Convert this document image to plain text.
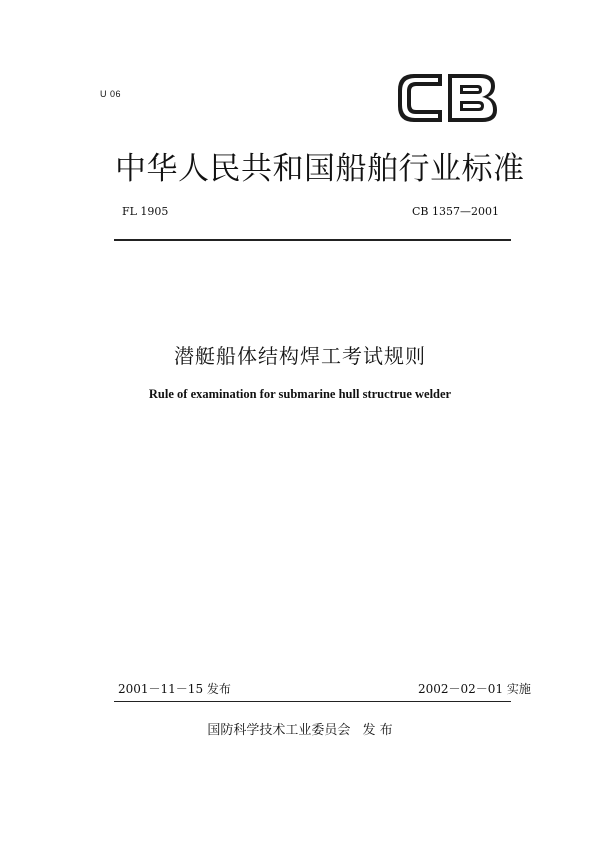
U 06
中华人民共和国船舶行业标准
FL 1905	CB 1357—2001
潜艇船体结构焊工考试规则
Rule of examination for submarine hull structrue welder
2001－11－15 发布	2002－02－01 实施
国防科学技术工业委员会 发 布
